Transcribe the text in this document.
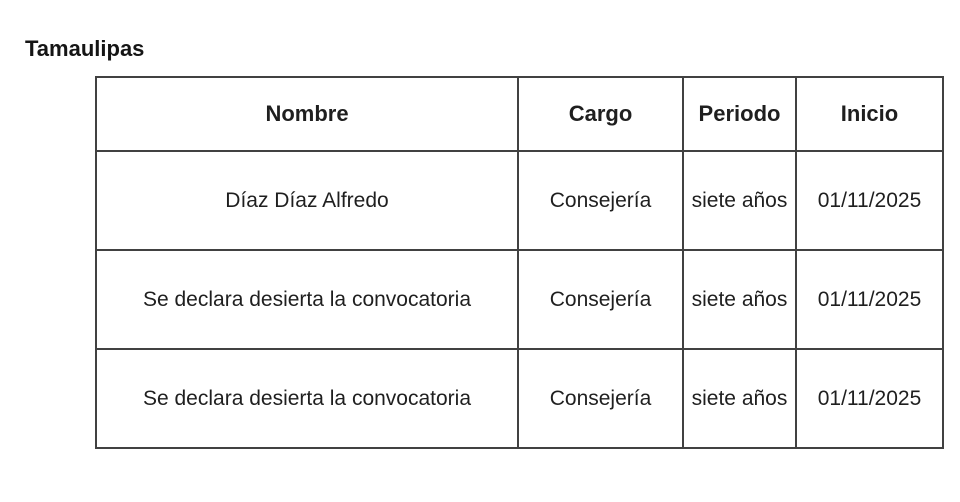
Tamaulipas
Nombre	Cargo	Periodo	Inicio
Díaz Díaz Alfredo	Consejería	siete años	01/11/2025
Se declara desierta la convocatoria	Consejería	siete años	01/11/2025
Se declara desierta la convocatoria	Consejería	siete años	01/11/2025
